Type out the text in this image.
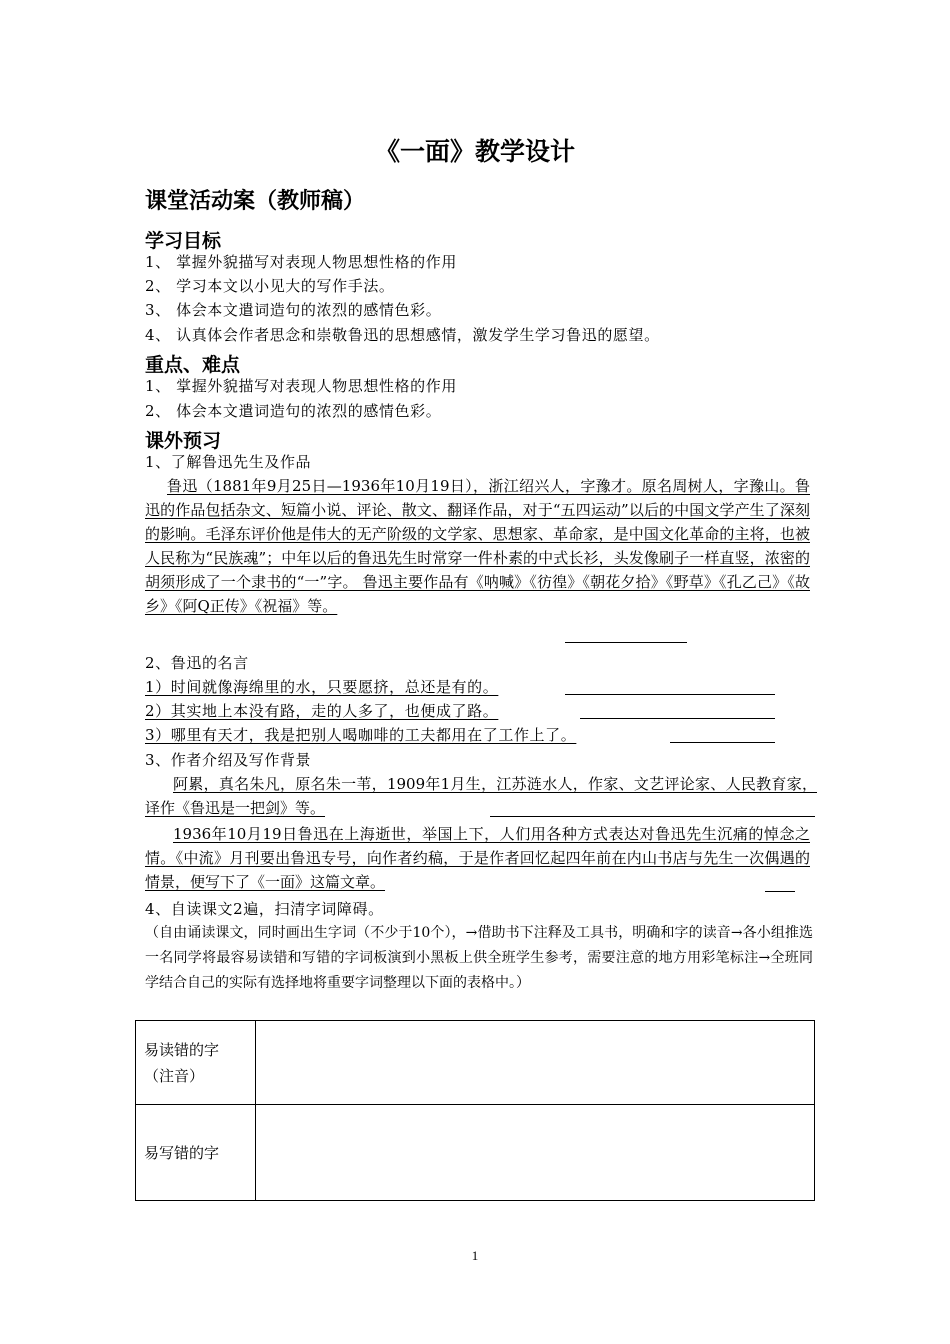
《一面》教学设计
课堂活动案（教师稿）
学习目标
1、 掌握外貌描写对表现人物思想性格的作用
2、 学习本文以小见大的写作手法。
3、 体会本文遣词造句的浓烈的感情色彩。
4、 认真体会作者思念和崇敬鲁迅的思想感情，激发学生学习鲁迅的愿望。
重点、难点
1、 掌握外貌描写对表现人物思想性格的作用
2、 体会本文遣词造句的浓烈的感情色彩。
课外预习
1、了解鲁迅先生及作品
鲁迅（1881年9月25日—1936年10月19日），浙江绍兴人，字豫才。原名周树人，字豫山。鲁迅的作品包括杂文、短篇小说、评论、散文、翻译作品，对于“五四运动”以后的中国文学产生了深刻的影响。毛泽东评价他是伟大的无产阶级的文学家、思想家、革命家，是中国文化革命的主将，也被人民称为“民族魂”；中年以后的鲁迅先生时常穿一件朴素的中式长衫，头发像刷子一样直竖，浓密的胡须形成了一个隶书的“一”字。 鲁迅主要作品有《呐喊》《彷徨》《朝花夕拾》《野草》《孔乙己》《故乡》《阿Q正传》《祝福》等。
2、鲁迅的名言
1）时间就像海绵里的水，只要愿挤，总还是有的。
2）其实地上本没有路，走的人多了，也便成了路。
3）哪里有天才，我是把别人喝咖啡的工夫都用在了工作上了。
3、作者介绍及写作背景
阿累，真名朱凡，原名朱一苇，1909年1月生，江苏涟水人，作家、文艺评论家、人民教育家，译作《鲁迅是一把剑》等。
1936年10月19日鲁迅在上海逝世，举国上下，人们用各种方式表达对鲁迅先生沉痛的悼念之情。《中流》月刊要出鲁迅专号，向作者约稿，于是作者回忆起四年前在内山书店与先生一次偶遇的情景，便写下了《一面》这篇文章。
4、自读课文2遍，扫清字词障碍。
（自由诵读课文，同时画出生字词（不少于10个），→借助书下注释及工具书，明确和字的读音→各小组推选一名同学将最容易读错和写错的字词板演到小黑板上供全班学生参考，需要注意的地方用彩笔标注→全班同学结合自己的实际有选择地将重要字词整理以下面的表格中。）
易读错的字（注音）	
易写错的字	
1
